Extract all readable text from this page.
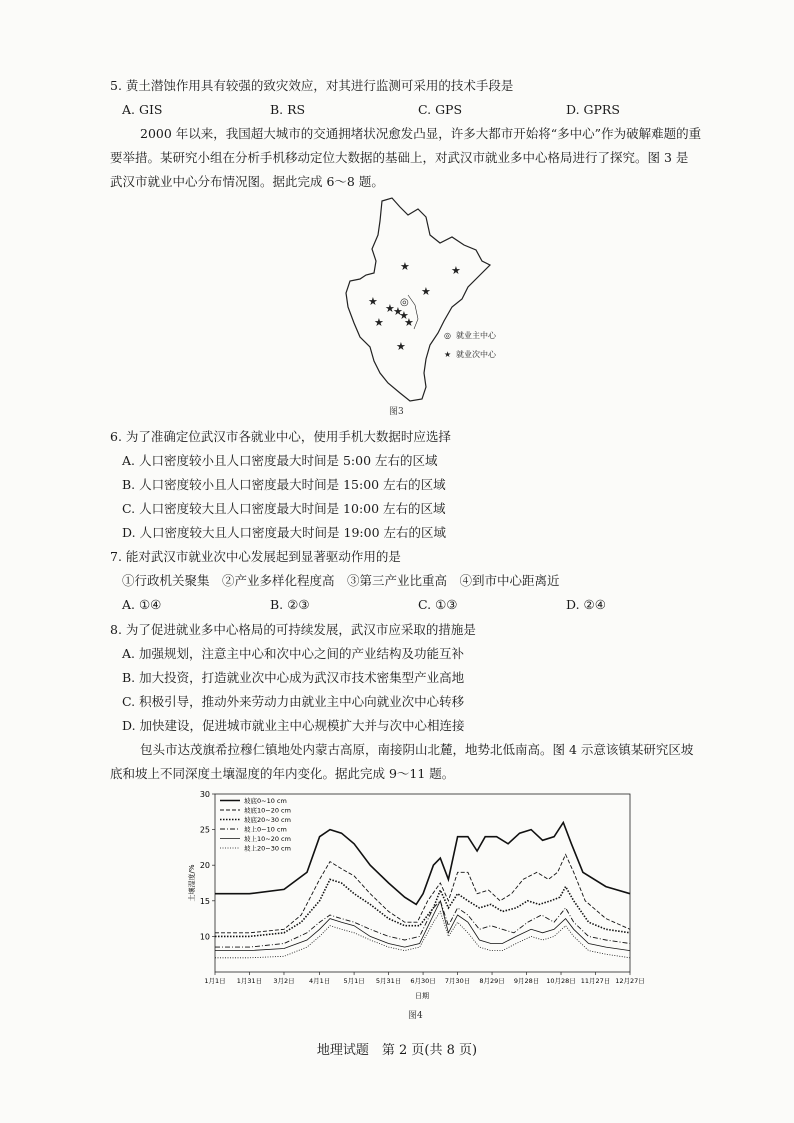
5. 黄土潜蚀作用具有较强的致灾效应，对其进行监测可采用的技术手段是
A. GIS	B. RS	C. GPS	D. GPRS
2000 年以来，我国超大城市的交通拥堵状况愈发凸显，许多大都市开始将“多中心”作为破解难题的重
要举措。某研究小组在分析手机移动定位大数据的基础上，对武汉市就业多中心格局进行了探究。图 3 是
武汉市就业中心分布情况图。据此完成 6～8 题。
★	★
★
★
★
★
★
★ ★
★
◎
◎ 就业主中心
★ 就业次中心
图3
6. 为了准确定位武汉市各就业中心，使用手机大数据时应选择
A. 人口密度较小且人口密度最大时间是 5:00 左右的区域
B. 人口密度较小且人口密度最大时间是 15:00 左右的区域
C. 人口密度较大且人口密度最大时间是 10:00 左右的区域
D. 人口密度较大且人口密度最大时间是 19:00 左右的区域
7. 能对武汉市就业次中心发展起到显著驱动作用的是
①行政机关聚集　②产业多样化程度高　③第三产业比重高　④到市中心距离近
A. ①④	B. ②③	C. ①③	D. ②④
8. 为了促进就业多中心格局的可持续发展，武汉市应采取的措施是
A. 加强规划，注意主中心和次中心之间的产业结构及功能互补
B. 加大投资，打造就业次中心成为武汉市技术密集型产业高地
C. 积极引导，推动外来劳动力由就业主中心向就业次中心转移
D. 加快建设，促进城市就业主中心规模扩大并与次中心相连接
包头市达茂旗希拉穆仁镇地处内蒙古高原，南接阴山北麓，地势北低南高。图 4 示意该镇某研究区坡
底和坡上不同深度土壤湿度的年内变化。据此完成 9～11 题。
10
15
20
25
30
1月1日 1月31日 3月2日 4月1日 5月1日 5月31日 6月30日 7月30日 8月29日 9月28日 10月28日 11月27日 12月27日
坡底0~10 cm
坡底10~20 cm
坡底20~30 cm
坡上0~10 cm
坡上10~20 cm
坡上20~30 cm
土壤湿度/%
日期
图4
地理试题　第 2 页(共 8 页)
